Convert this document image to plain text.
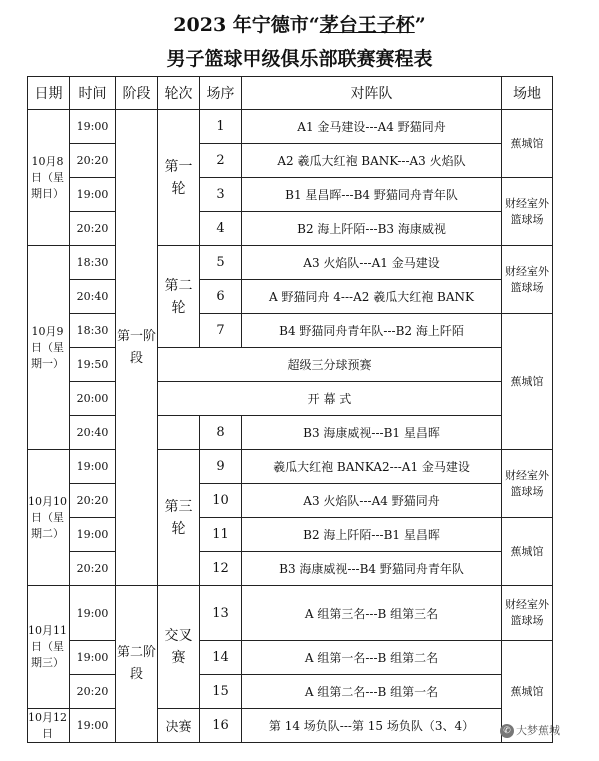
2023 年宁德市“茅台王子杯”
男子篮球甲级俱乐部联赛赛程表
日期	时间	阶段	轮次	场序	对阵队	场地
10月8日（星期日）	19:00	第一阶段	第一轮	1	A1 金马建设---A4 野猫同舟	蕉城馆
	20:20			2	A2 羲瓜大红袍 BANK---A3 火焰队	
	19:00			3	B1 星昌晖---B4 野猫同舟青年队	财经室外篮球场
	20:20			4	B2 海上阡陌---B3 海康威视	
10月9日（星期一）	18:30		第二轮	5	A3 火焰队---A1 金马建设	财经室外篮球场
	20:40			6	A 野猫同舟 4---A2 羲瓜大红袍 BANK	
	18:30			7	B4 野猫同舟青年队---B2 海上阡陌	蕉城馆
	19:50		超级三分球预赛			
	20:00		开 幕 式			
	20:40			8	B3 海康威视---B1 星昌晖	
10月10日（星期二）	19:00		第三轮	9	羲瓜大红袍 BANKA2---A1 金马建设	财经室外篮球场
	20:20			10	A3 火焰队---A4 野猫同舟	
	19:00			11	B2 海上阡陌---B1 星昌晖	蕉城馆
	20:20			12	B3 海康威视---B4 野猫同舟青年队	
10月11日（星期三）	19:00	第二阶段	交叉赛	13	A 组第三名---B 组第三名	财经室外篮球场
	19:00			14	A 组第一名---B 组第二名	蕉城馆
	20:20			15	A 组第二名---B 组第一名	
10月12日	19:00		决赛	16	第 14 场负队---第 15 场负队（3、4）		✆ 大梦蕉城
